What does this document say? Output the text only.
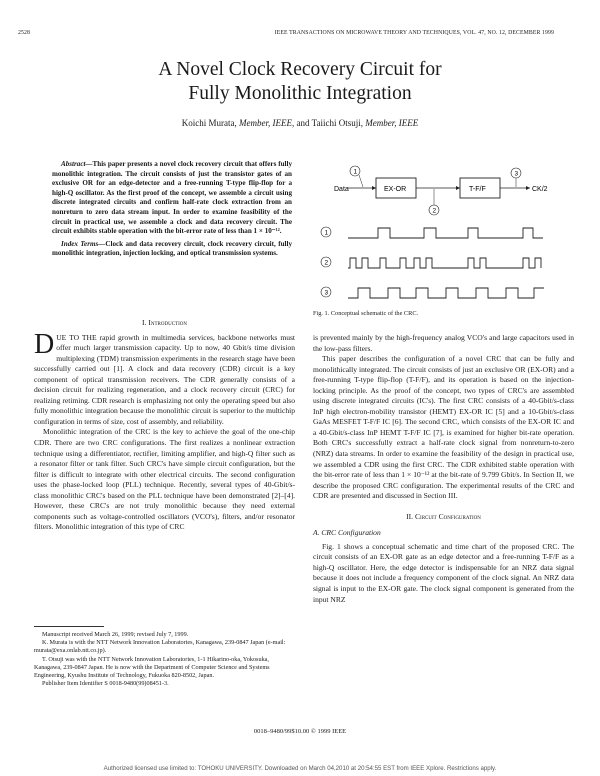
2528	IEEE TRANSACTIONS ON MICROWAVE THEORY AND TECHNIQUES, VOL. 47, NO. 12, DECEMBER 1999
A Novel Clock Recovery Circuit for
Fully Monolithic Integration
Koichi Murata, Member, IEEE, and Taiichi Otsuji, Member, IEEE

Abstract—This paper presents a novel clock recovery circuit that offers fully monolithic integration. The circuit consists of just the transistor gates of an exclusive OR for an edge-detector and a free-running T-type flip-flop for a high-Q oscillator. As the first proof of the concept, we assemble a circuit using discrete integrated circuits and confirm half-rate clock extraction from an nonreturn to zero data stream input. In order to examine feasibility of the circuit in practical use, we assemble a clock and data recovery circuit. The circuit exhibits stable operation with the bit-error rate of less than 1 × 10⁻¹².

Index Terms—Clock and data recovery circuit, clock recovery circuit, fully monolithic integration, injection locking, and optical transmission systems.

Data
1
EX-OR	T-F/F	CK/2
3
2
1
2
3
Fig. 1. Conceptual schematic of the CRC.

I. Introduction

DUE TO THE rapid growth in multimedia services, backbone networks must offer much larger transmission capacity. Up to now, 40 Gbit/s time division multiplexing (TDM) transmission experiments in the research stage have been successfully carried out [1]. A clock and data recovery (CDR) circuit is a key component of optical transmission receivers. The CDR generally consists of a decision circuit for realizing regeneration, and a clock recovery circuit (CRC) for realizing retiming. CDR research is emphasizing not only the operating speed but also fully monolithic integration because the monolithic circuit is superior to the multichip configuration in terms of size, cost of assembly, and reliability.

Monolithic integration of the CRC is the key to achieve the goal of the one-chip CDR. There are two CRC configurations. The first realizes a nonlinear extraction technique using a differentiator, rectifier, limiting amplifier, and high-Q filter such as a resonator filter or tank filter. Such CRC's have simple circuit configuration, but the filter is difficult to integrate with other electrical circuits. The second configuration uses the phase-locked loop (PLL) technique. Recently, several types of 40-Gbit/s-class monolithic CRC's based on the PLL technique have been demonstrated [2]–[4]. However, these CRC's are not truly monolithic because they need external components such as voltage-controlled oscillators (VCO's), filters, and/or resonator filters. Monolithic integration of this type of CRC

is prevented mainly by the high-frequency analog VCO's and large capacitors used in the low-pass filters.

This paper describes the configuration of a novel CRC that can be fully and monolithically integrated. The circuit consists of just an exclusive OR (EX-OR) and a free-running T-type flip-flop (T-F/F), and its operation is based on the injection-locking principle. As the proof of the concept, two types of CRC's are assembled using discrete integrated circuits (IC's). The first CRC consists of a 40-Gbit/s-class InP high electron-mobility transistor (HEMT) EX-OR IC [5] and a 10-Gbit/s-class GaAs MESFET T-F/F IC [6]. The second CRC, which consists of the EX-OR IC and a 40-Gbit/s-class InP HEMT T-F/F IC [7], is examined for higher bit-rate operation. Both CRC's successfully extract a half-rate clock signal from nonreturn-to-zero (NRZ) data streams. In order to examine the feasibility of the design in practical use, we assembled a CDR using the first CRC. The CDR exhibited stable operation with the bit-error rate of less than 1 × 10⁻¹² at the bit-rate of 9.799 Gbit/s. In Section II, we describe the proposed CRC configuration. The experimental results of the CRC and CDR are presented and discussed in Section III.

II. Circuit Configuration

A. CRC Configuration

Fig. 1 shows a conceptual schematic and time chart of the proposed CRC. The circuit consists of an EX-OR gate as an edge detector and a free-running T-F/F as a high-Q oscillator. Here, the edge detector is indispensable for an NRZ data signal because it does not include a frequency component of the clock signal. An NRZ data signal is input to the EX-OR gate. The clock signal component is generated from the input NRZ

Manuscript received March 26, 1999; revised July 7, 1999.

K. Murata is with the NTT Network Innovation Laboratories, Kanagawa, 239-0847 Japan (e-mail: murata@exa.onlab.ntt.co.jp).

T. Otsuji was with the NTT Network Innovation Laboratories, 1-1 Hikarino-oka, Yokosuka, Kanagawa, 239-0847 Japan. He is now with the Department of Computer Science and Systems Engineering, Kyushu Institute of Technology, Fukuoka 820-8502, Japan.

Publisher Item Identifier S 0018-9480(99)08451-3.

0018–9480/99$10.00 © 1999 IEEE
Authorized licensed use limited to: TOHOKU UNIVERSITY. Downloaded on March 04,2010 at 20:54:55 EST from IEEE Xplore. Restrictions apply.
